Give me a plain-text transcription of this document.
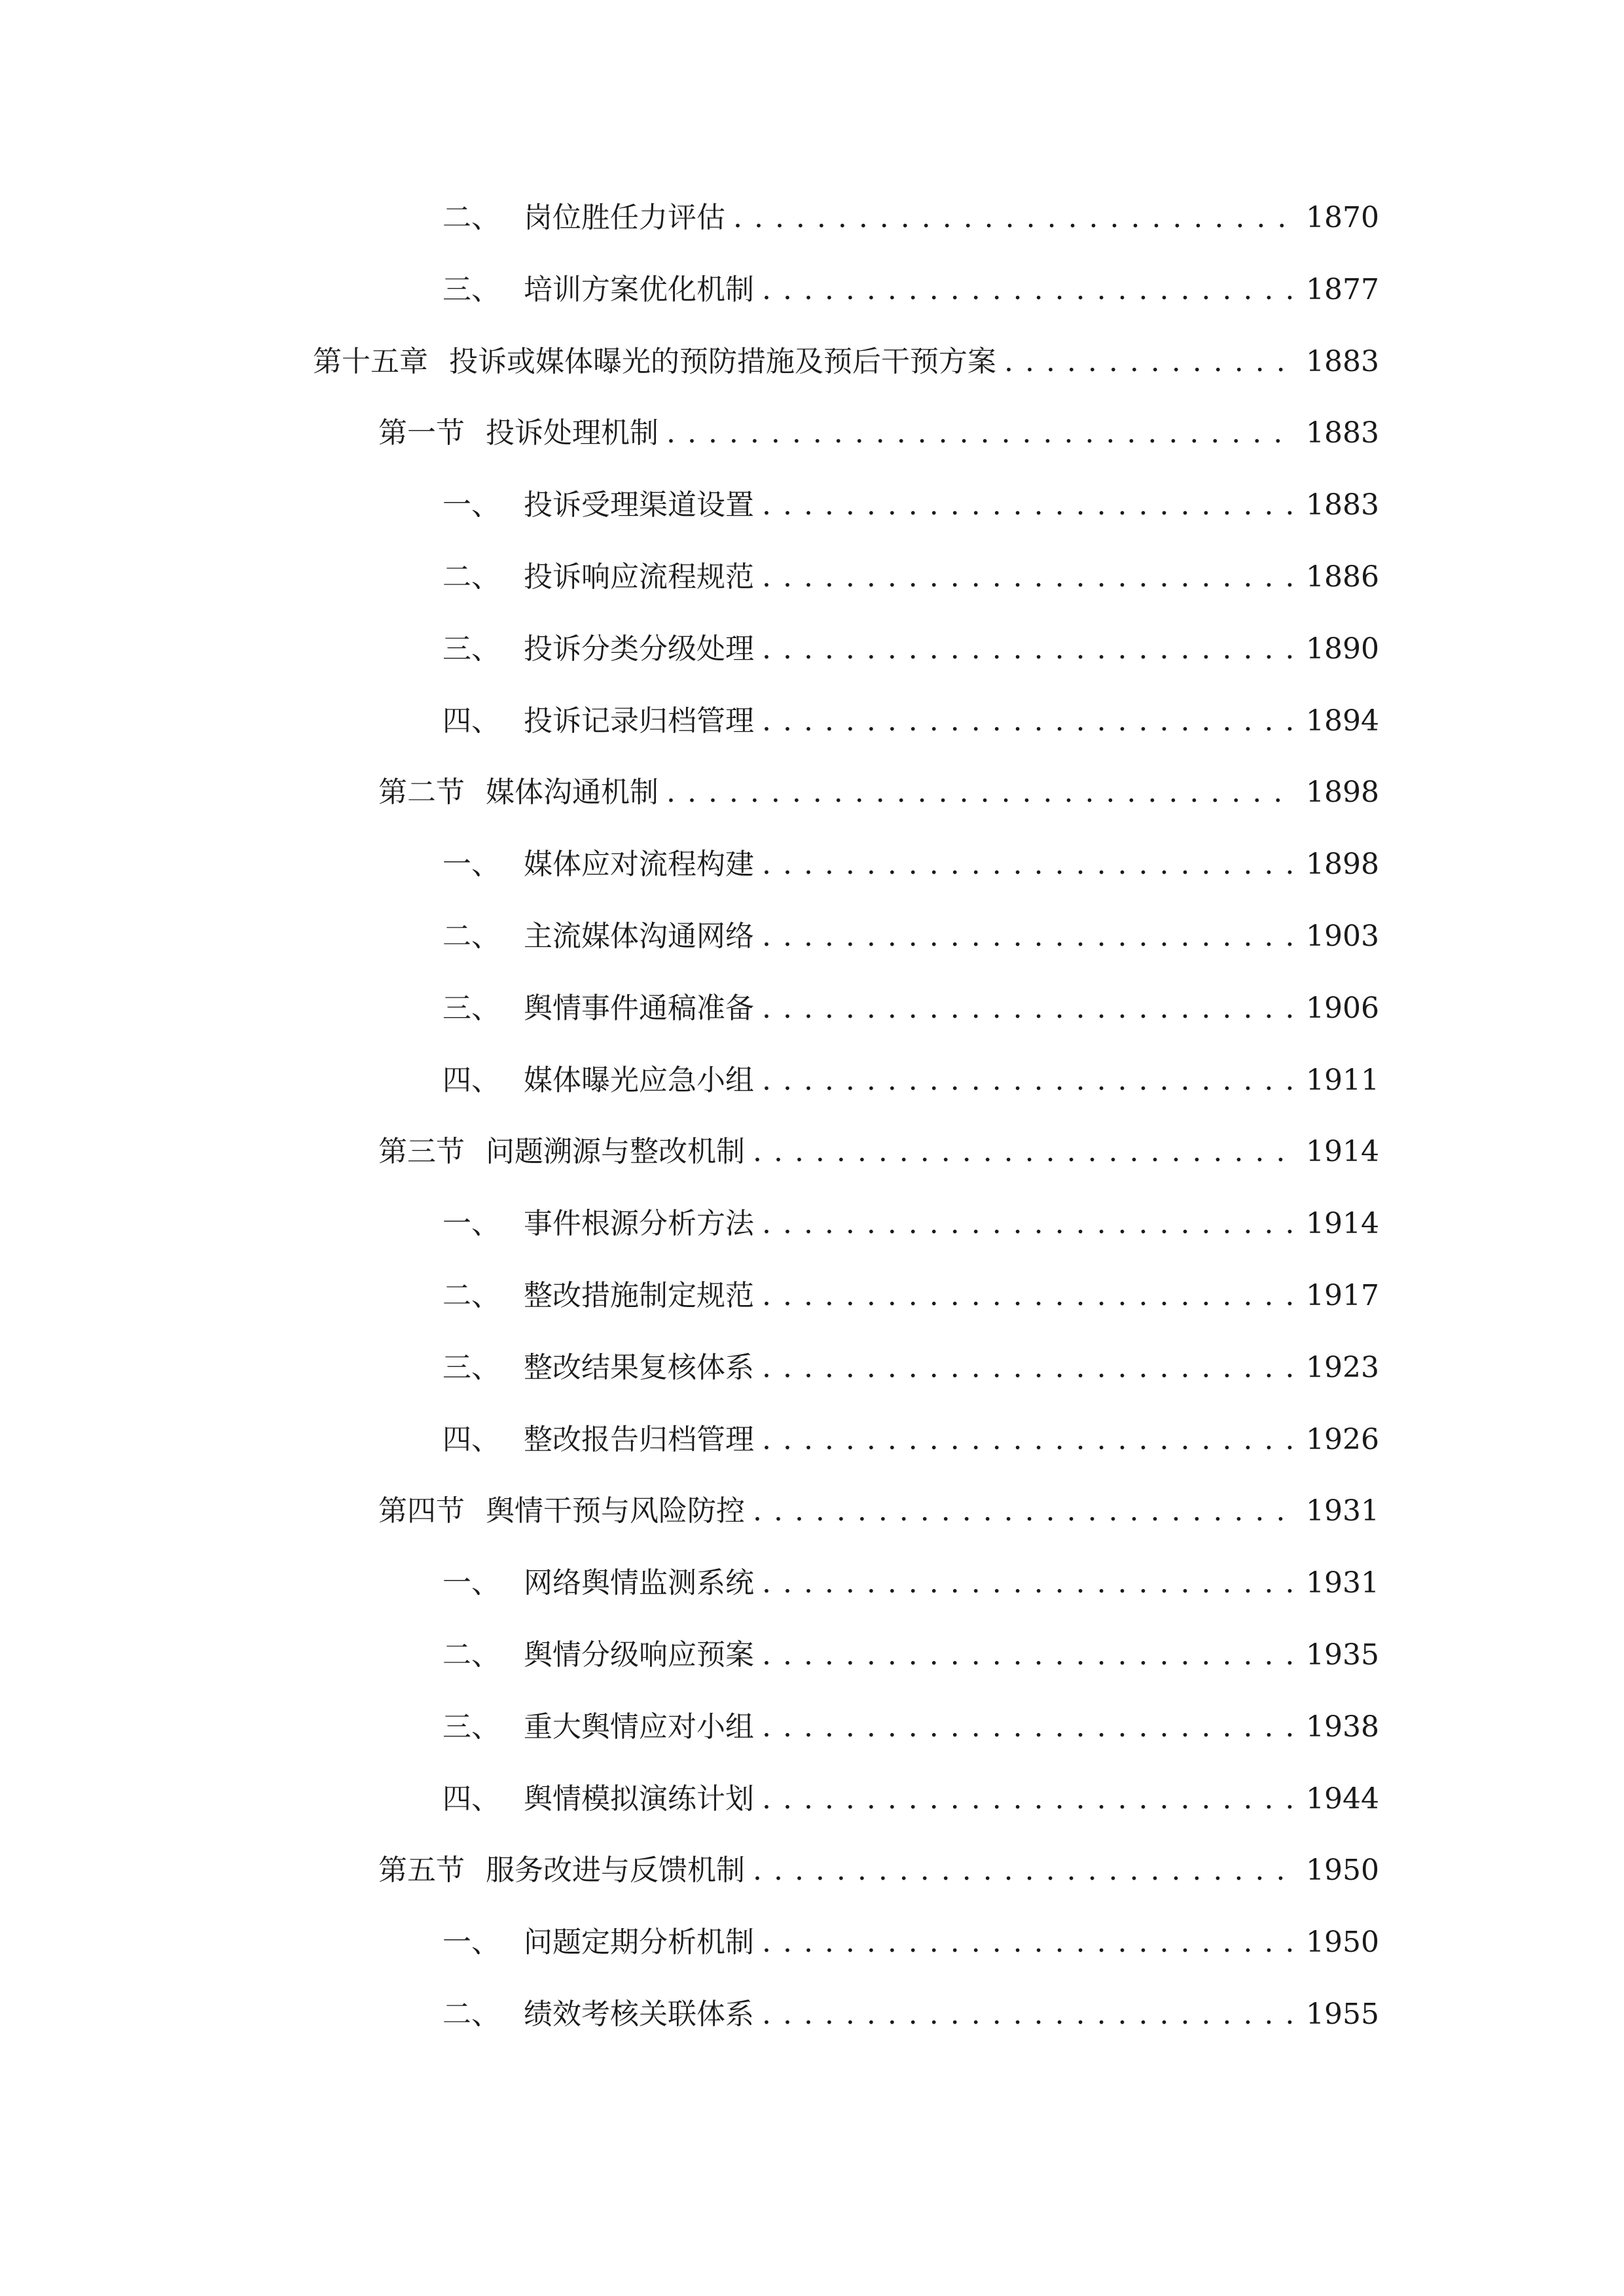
二、 岗位胜任力评估 . . .	1870
三、 培训方案优化机制 . . .	1877
第十五章 投诉或媒体曝光的预防措施及预后干预方案 . . .	1883
第一节 投诉处理机制 . . .	1883
一、 投诉受理渠道设置 . . .	1883
二、 投诉响应流程规范 . . .	1886
三、 投诉分类分级处理 . . .	1890
四、 投诉记录归档管理 . . .	1894
第二节 媒体沟通机制 . . .	1898
一、 媒体应对流程构建 . . .	1898
二、 主流媒体沟通网络 . . .	1903
三、 舆情事件通稿准备 . . .	1906
四、 媒体曝光应急小组 . . .	1911
第三节 问题溯源与整改机制 . . .	1914
一、 事件根源分析方法 . . .	1914
二、 整改措施制定规范 . . .	1917
三、 整改结果复核体系 . . .	1923
四、 整改报告归档管理 . . .	1926
第四节 舆情干预与风险防控 . . .	1931
一、 网络舆情监测系统 . . .	1931
二、 舆情分级响应预案 . . .	1935
三、 重大舆情应对小组 . . .	1938
四、 舆情模拟演练计划 . . .	1944
第五节 服务改进与反馈机制 . . .	1950
一、 问题定期分析机制 . . .	1950
二、 绩效考核关联体系 . . .	1955
